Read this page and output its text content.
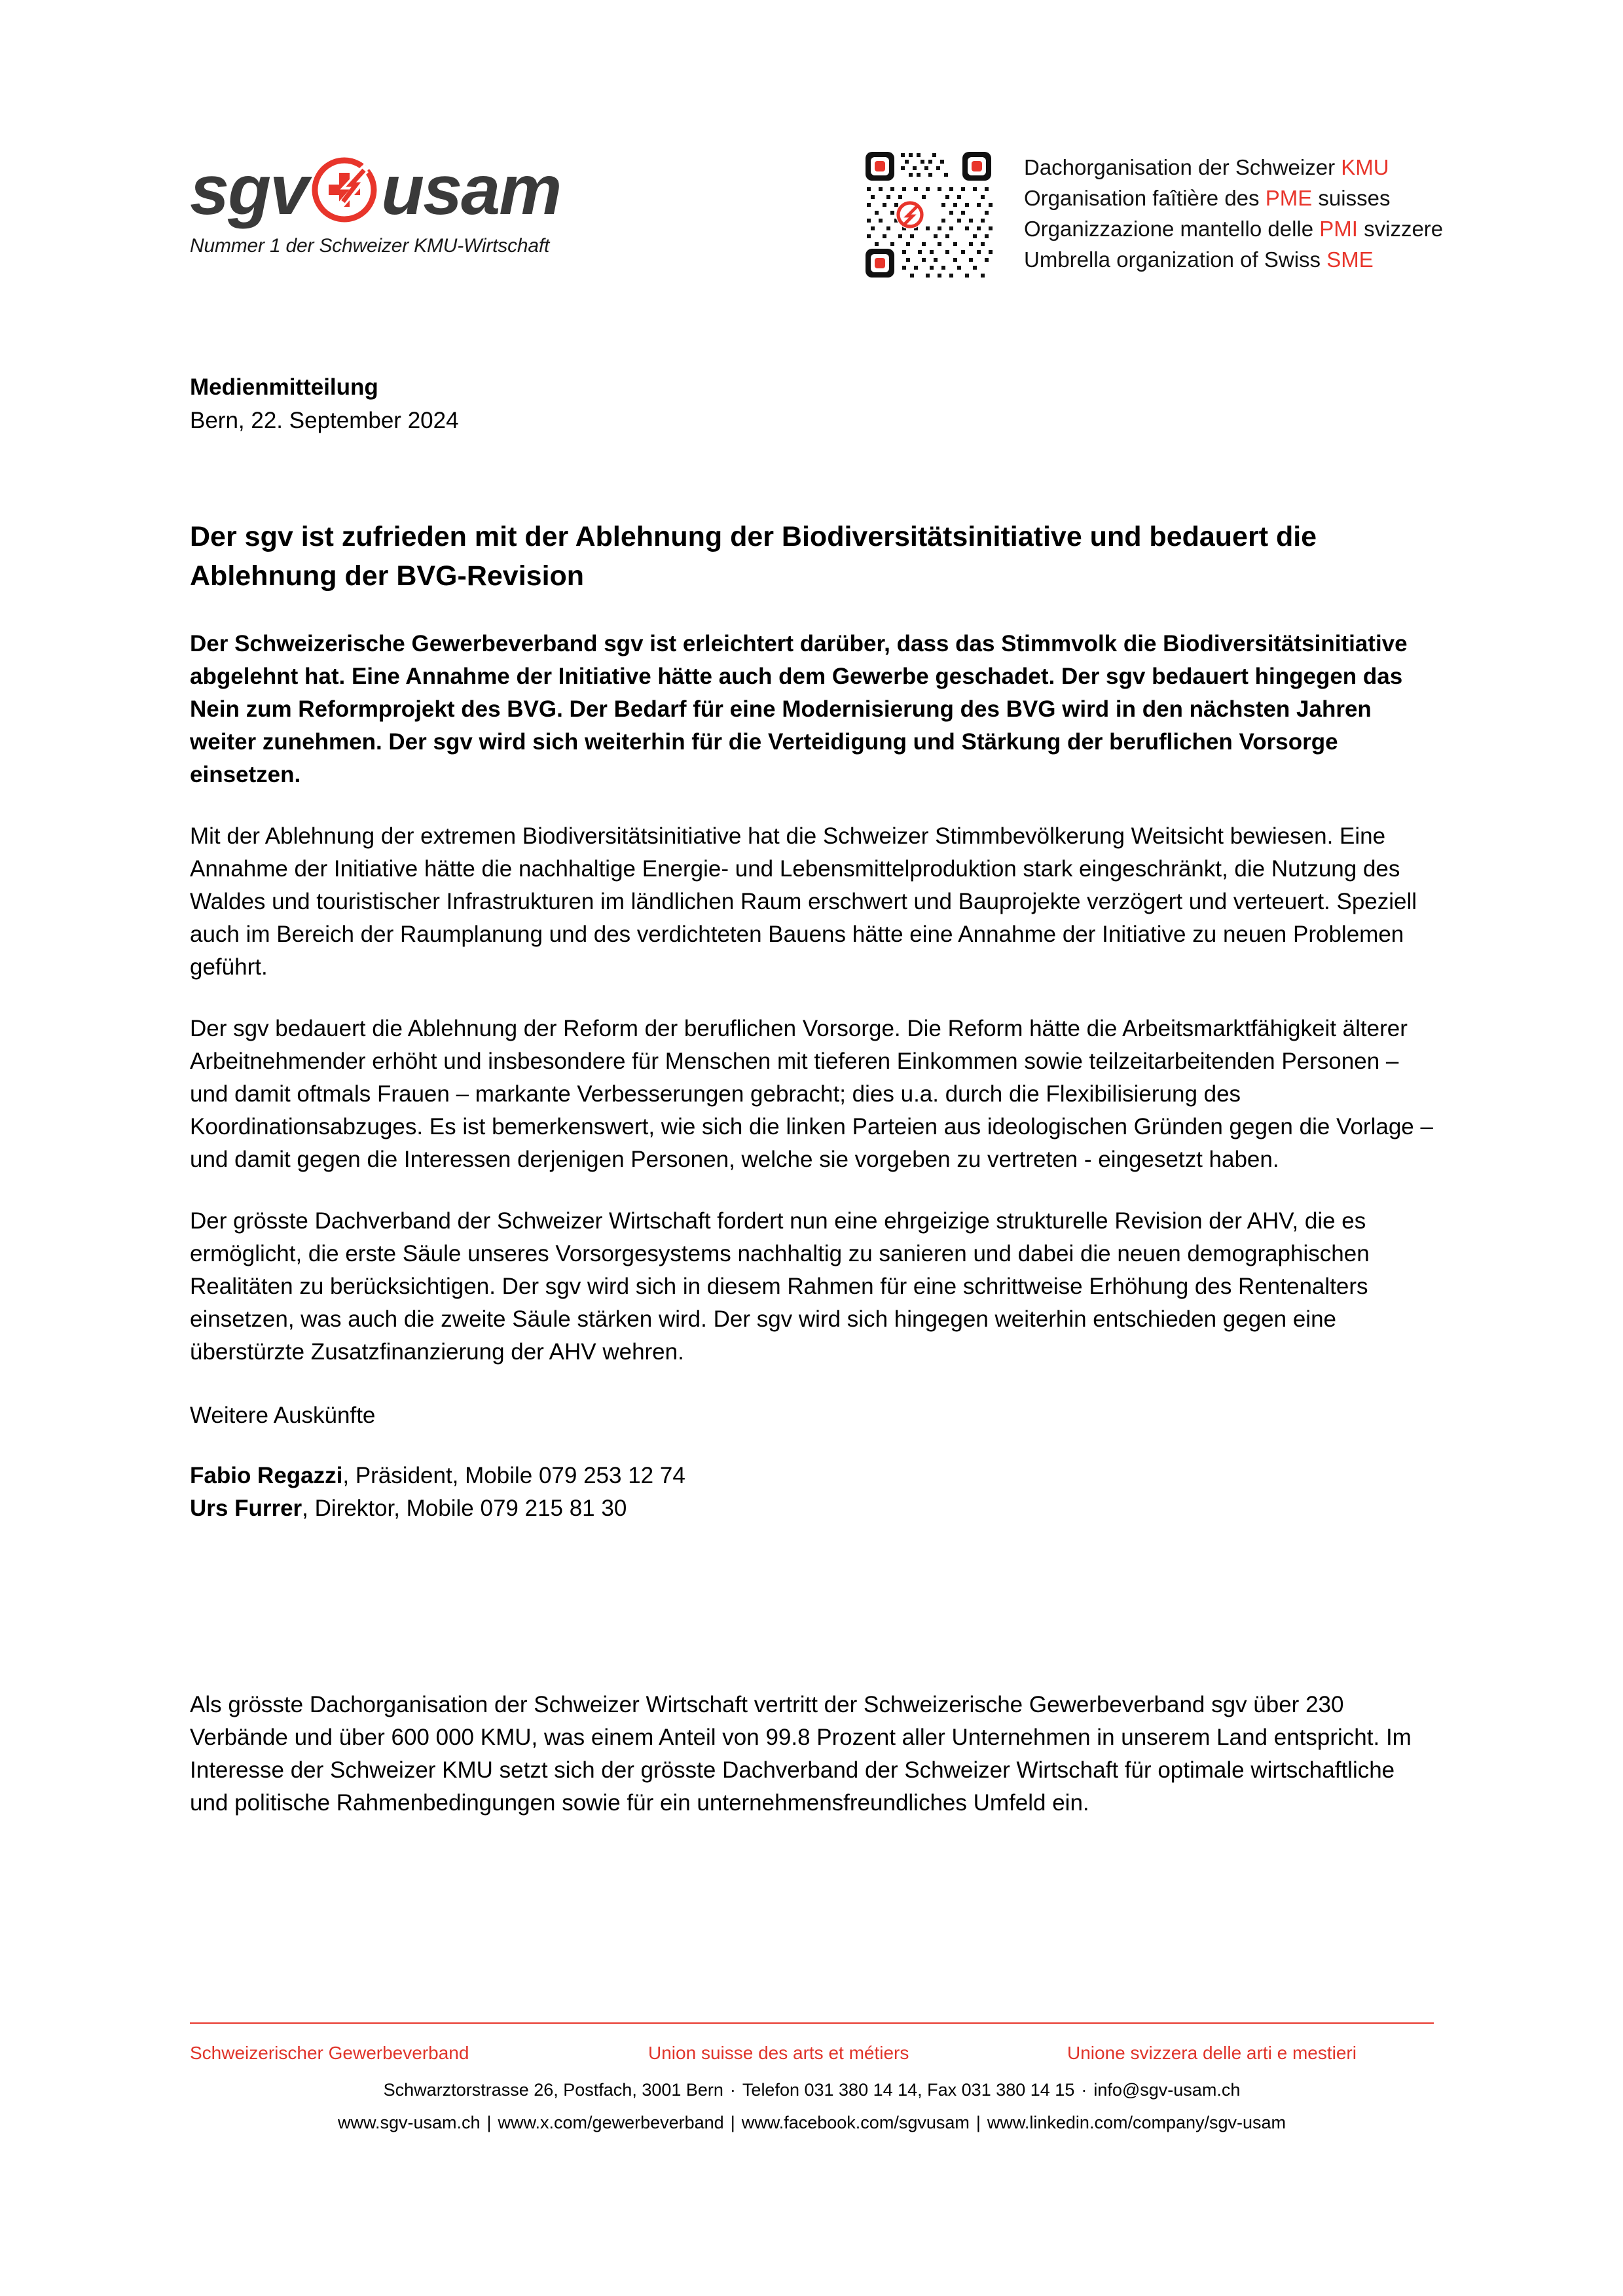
sgv usam
Nummer 1 der Schweizer KMU-Wirtschaft
Dachorganisation der Schweizer KMU
Organisation faîtière des PME suisses
Organizzazione mantello delle PMI svizzere
Umbrella organization of Swiss SME
Medienmitteilung
Bern, 22. September 2024
Der sgv ist zufrieden mit der Ablehnung der Biodiversitätsinitiative und bedauert die Ablehnung der BVG-Revision

Der Schweizerische Gewerbeverband sgv ist erleichtert darüber, dass das Stimmvolk die Biodiversitätsinitiative abgelehnt hat. Eine Annahme der Initiative hätte auch dem Gewerbe geschadet. Der sgv bedauert hingegen das Nein zum Reformprojekt des BVG. Der Bedarf für eine Modernisierung des BVG wird in den nächsten Jahren weiter zunehmen. Der sgv wird sich weiterhin für die Verteidigung und Stärkung der beruflichen Vorsorge einsetzen.

Mit der Ablehnung der extremen Biodiversitätsinitiative hat die Schweizer Stimmbevölkerung Weitsicht bewiesen. Eine Annahme der Initiative hätte die nachhaltige Energie- und Lebensmittelproduktion stark eingeschränkt, die Nutzung des Waldes und touristischer Infrastrukturen im ländlichen Raum erschwert und Bauprojekte verzögert und verteuert. Speziell auch im Bereich der Raumplanung und des verdichteten Bauens hätte eine Annahme der Initiative zu neuen Problemen geführt.

Der sgv bedauert die Ablehnung der Reform der beruflichen Vorsorge. Die Reform hätte die Arbeitsmarktfähigkeit älterer Arbeitnehmender erhöht und insbesondere für Menschen mit tieferen Einkommen sowie teilzeitarbeitenden Personen – und damit oftmals Frauen – markante Verbesserungen gebracht; dies u.a. durch die Flexibilisierung des Koordinationsabzuges. Es ist bemerkenswert, wie sich die linken Parteien aus ideologischen Gründen gegen die Vorlage – und damit gegen die Interessen derjenigen Personen, welche sie vorgeben zu vertreten - eingesetzt haben.

Der grösste Dachverband der Schweizer Wirtschaft fordert nun eine ehrgeizige strukturelle Revision der AHV, die es ermöglicht, die erste Säule unseres Vorsorgesystems nachhaltig zu sanieren und dabei die neuen demographischen Realitäten zu berücksichtigen. Der sgv wird sich in diesem Rahmen für eine schrittweise Erhöhung des Rentenalters einsetzen, was auch die zweite Säule stärken wird. Der sgv wird sich hingegen weiterhin entschieden gegen eine überstürzte Zusatzfinanzierung der AHV wehren.

Weitere Auskünfte
Fabio Regazzi, Präsident, Mobile 079 253 12 74
Urs Furrer, Direktor, Mobile 079 215 81 30

Als grösste Dachorganisation der Schweizer Wirtschaft vertritt der Schweizerische Gewerbeverband sgv über 230 Verbände und über 600 000 KMU, was einem Anteil von 99.8 Prozent aller Unternehmen in unserem Land entspricht. Im Interesse der Schweizer KMU setzt sich der grösste Dachverband der Schweizer Wirtschaft für optimale wirtschaftliche und politische Rahmenbedingungen sowie für ein unternehmensfreundliches Umfeld ein.

Schweizerischer Gewerbeverband	Union suisse des arts et métiers	Unione svizzera delle arti e mestieri
Schwarztorstrasse 26, Postfach, 3001 Bern · Telefon 031 380 14 14, Fax 031 380 14 15 · info@sgv-usam.ch
www.sgv-usam.ch | www.x.com/gewerbeverband | www.facebook.com/sgvusam | www.linkedin.com/company/sgv-usam
